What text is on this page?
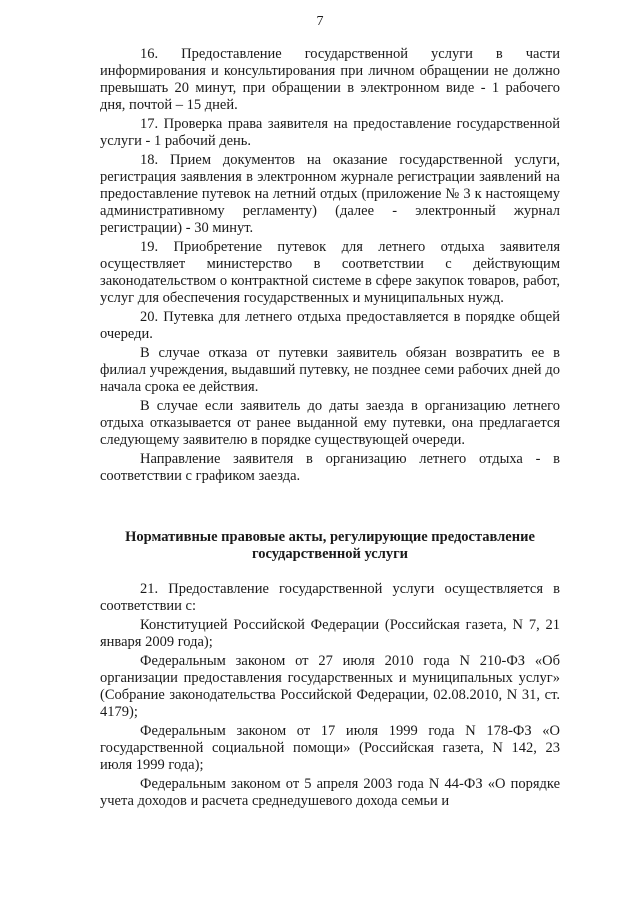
7

16. Предоставление государственной услуги в части информирования и консультирования при личном обращении не должно превышать 20 минут, при обращении в электронном виде - 1 рабочего дня, почтой – 15 дней.

17. Проверка права заявителя на предоставление государственной услуги - 1 рабочий день.

18. Прием документов на оказание государственной услуги, регистрация заявления в электронном журнале регистрации заявлений на предоставление путевок на летний отдых (приложение № 3 к настоящему административному регламенту) (далее - электронный журнал регистрации) - 30 минут.

19. Приобретение путевок для летнего отдыха заявителя осуществляет министерство в соответствии с действующим законодательством о контрактной системе в сфере закупок товаров, работ, услуг для обеспечения государственных и муниципальных нужд.

20. Путевка для летнего отдыха предоставляется в порядке общей очереди.

В случае отказа от путевки заявитель обязан возвратить ее в филиал учреждения, выдавший путевку, не позднее семи рабочих дней до начала срока ее действия.

В случае если заявитель до даты заезда в организацию летнего отдыха отказывается от ранее выданной ему путевки, она предлагается следующему заявителю в порядке существующей очереди.

Направление заявителя в организацию летнего отдыха - в соответствии с графиком заезда.

Нормативные правовые акты, регулирующие предоставление государственной услуги

21. Предоставление государственной услуги осуществляется в соответствии с:

Конституцией Российской Федерации (Российская газета, N 7, 21 января 2009 года);

Федеральным законом от 27 июля 2010 года N 210-ФЗ «Об организации предоставления государственных и муниципальных услуг» (Собрание законодательства Российской Федерации, 02.08.2010, N 31, ст. 4179);

Федеральным законом от 17 июля 1999 года N 178-ФЗ «О государственной социальной помощи» (Российская газета, N 142, 23 июля 1999 года);

Федеральным законом от 5 апреля 2003 года N 44-ФЗ «О порядке учета доходов и расчета среднедушевого дохода семьи и
